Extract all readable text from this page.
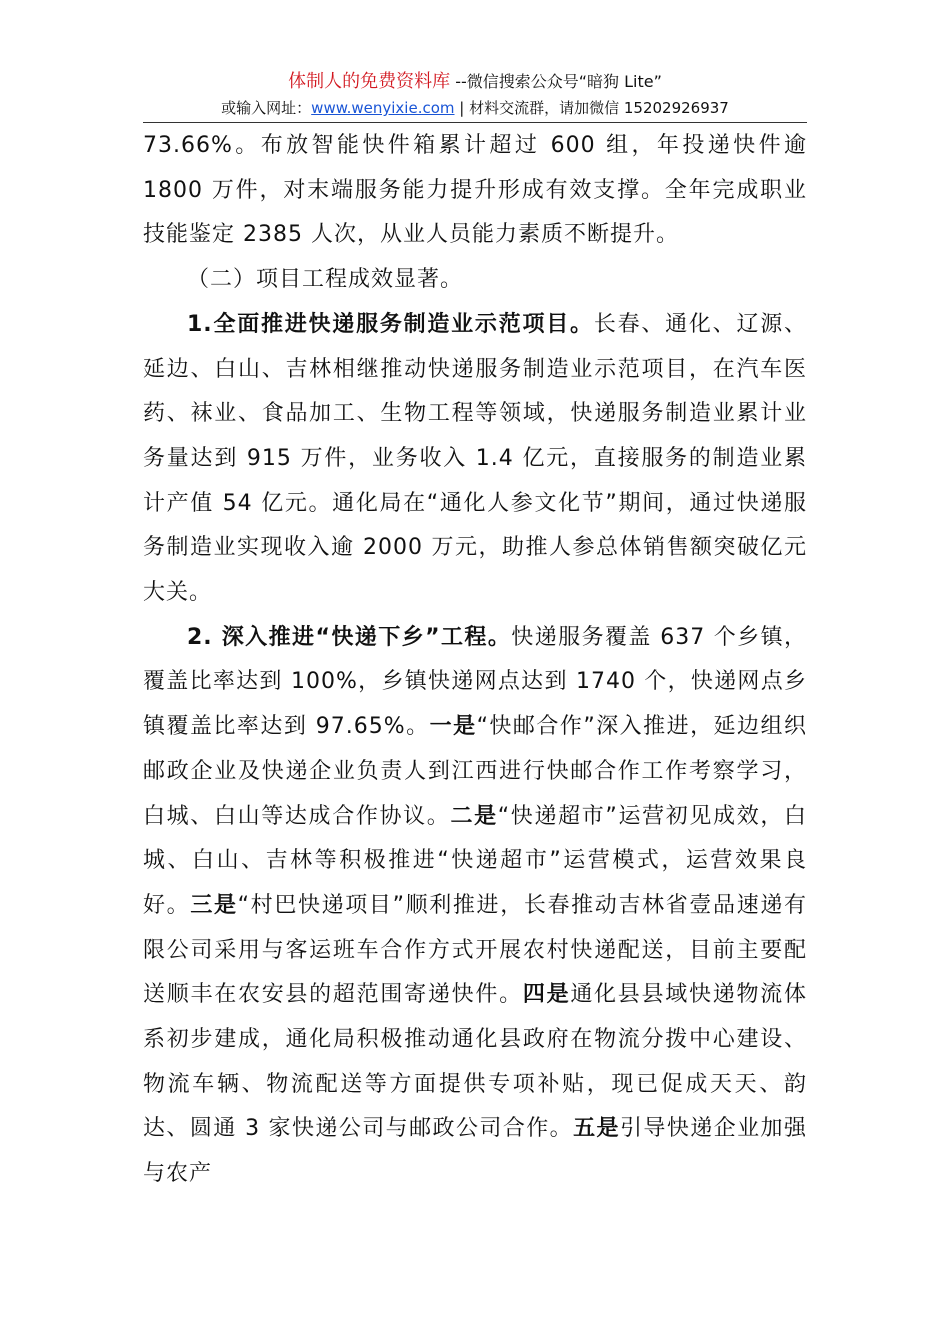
体制人的免费资料库 --微信搜索公众号“暗狗 Lite”
或输入网址：www.wenyixie.com | 材料交流群，请加微信 15202926937

73.66%。布放智能快件箱累计超过 600 组，年投递快件逾 1800 万件，对末端服务能力提升形成有效支撑。全年完成职业技能鉴定 2385 人次，从业人员能力素质不断提升。

（二）项目工程成效显著。

1.全面推进快递服务制造业示范项目。长春、通化、辽源、延边、白山、吉林相继推动快递服务制造业示范项目，在汽车医药、袜业、食品加工、生物工程等领域，快递服务制造业累计业务量达到 915 万件，业务收入 1.4 亿元，直接服务的制造业累计产值 54 亿元。通化局在“通化人参文化节”期间，通过快递服务制造业实现收入逾 2000 万元，助推人参总体销售额突破亿元大关。

2. 深入推进“快递下乡”工程。快递服务覆盖 637 个乡镇，覆盖比率达到 100%，乡镇快递网点达到 1740 个，快递网点乡镇覆盖比率达到 97.65%。一是“快邮合作”深入推进，延边组织邮政企业及快递企业负责人到江西进行快邮合作工作考察学习，白城、白山等达成合作协议。二是“快递超市”运营初见成效，白城、白山、吉林等积极推进“快递超市”运营模式，运营效果良好。三是“村巴快递项目”顺利推进，长春推动吉林省壹品速递有限公司采用与客运班车合作方式开展农村快递配送，目前主要配送顺丰在农安县的超范围寄递快件。四是通化县县域快递物流体系初步建成，通化局积极推动通化县政府在物流分拨中心建设、物流车辆、物流配送等方面提供专项补贴，现已促成天天、韵达、圆通 3 家快递公司与邮政公司合作。五是引导快递企业加强与农产
